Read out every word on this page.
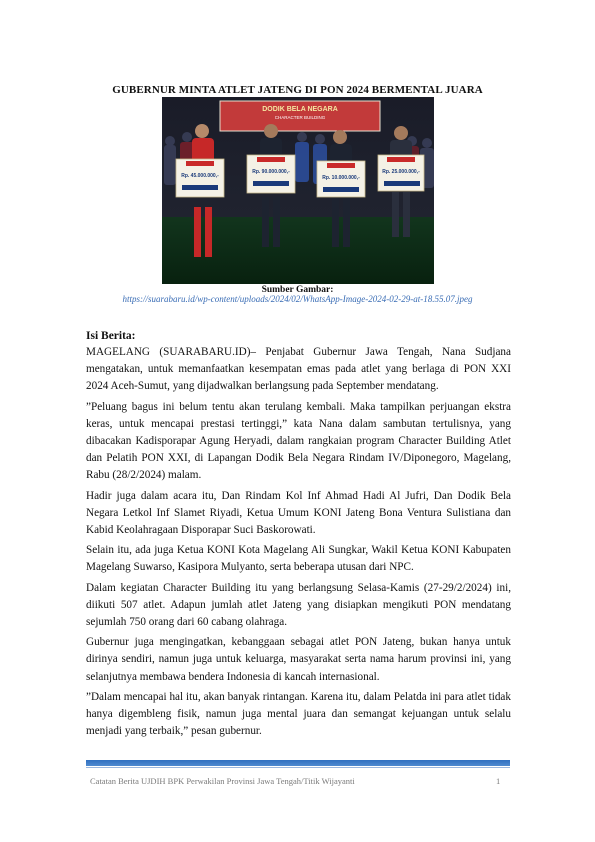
GUBERNUR MINTA ATLET JATENG DI PON 2024 BERMENTAL JUARA
DODIK BELA NEGARA
CHARACTER BUILDING
Rp. 45.000.000,-
Rp. 90.000.000,-
Rp. 10.000.000,-
Rp. 25.000.000,-
Sumber Gambar:
https://suarabaru.id/wp-content/uploads/2024/02/WhatsApp-Image-2024-02-29-at-18.55.07.jpeg
Isi Berita:

MAGELANG (SUARABARU.ID)– Penjabat Gubernur Jawa Tengah, Nana Sudjana mengatakan, untuk memanfaatkan kesempatan emas pada atlet yang berlaga di PON XXI 2024 Aceh-Sumut, yang dijadwalkan berlangsung pada September mendatang.

”Peluang bagus ini belum tentu akan terulang kembali. Maka tampilkan perjuangan ekstra keras, untuk mencapai prestasi tertinggi,” kata Nana dalam sambutan tertulisnya, yang dibacakan Kadisporapar Agung Heryadi, dalam rangkaian program Character Building Atlet dan Pelatih PON XXI, di Lapangan Dodik Bela Negara Rindam IV/Diponegoro, Magelang, Rabu (28/2/2024) malam.

Hadir juga dalam acara itu, Dan Rindam Kol Inf Ahmad Hadi Al Jufri, Dan Dodik Bela Negara Letkol Inf Slamet Riyadi, Ketua Umum KONI Jateng Bona Ventura Sulistiana dan Kabid Keolahragaan Disporapar Suci Baskorowati.

Selain itu, ada juga Ketua KONI Kota Magelang Ali Sungkar, Wakil Ketua KONI Kabupaten Magelang Suwarso, Kasipora Mulyanto, serta beberapa utusan dari NPC.

Dalam kegiatan Character Building itu yang berlangsung Selasa-Kamis (27-29/2/2024) ini, diikuti 507 atlet. Adapun jumlah atlet Jateng yang disiapkan mengikuti PON mendatang sejumlah 750 orang dari 60 cabang olahraga.

Gubernur juga mengingatkan, kebanggaan sebagai atlet PON Jateng, bukan hanya untuk dirinya sendiri, namun juga untuk keluarga, masyarakat serta nama harum provinsi ini, yang selanjutnya membawa bendera Indonesia di kancah internasional.

”Dalam mencapai hal itu, akan banyak rintangan. Karena itu, dalam Pelatda ini para atlet tidak hanya digembleng fisik, namun juga mental juara dan semangat kejuangan untuk selalu menjadi yang terbaik,” pesan gubernur.

Catatan Berita UJDIH BPK Perwakilan Provinsi Jawa Tengah/Titik Wijayanti	1
